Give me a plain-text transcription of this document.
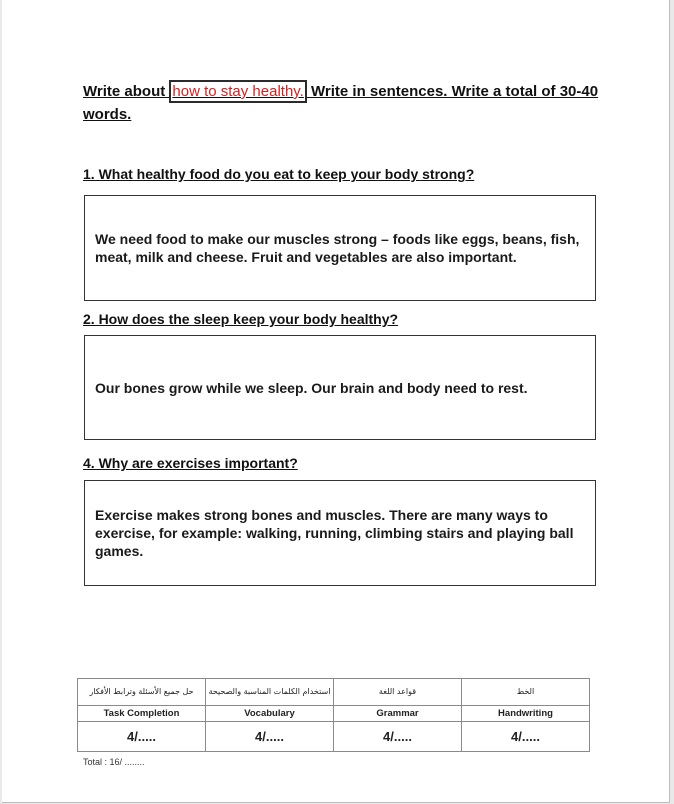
Write about how to stay healthy. Write in sentences. Write a total of 30-40 words.
1. What healthy food do you eat to keep your body strong?
We need food to make our muscles strong – foods like eggs, beans, fish, meat, milk and cheese. Fruit and vegetables are also important.
2. How does the sleep keep your body healthy?
Our bones grow while we sleep. Our brain and body need to rest.
4. Why are exercises important?
Exercise makes strong bones and muscles. There are many ways to exercise, for example: walking, running, climbing stairs and playing ball games.
حل جميع الأسئلة وترابط الأفكار	استخدام الكلمات المناسبة والصحيحة	قواعد اللغة	الخط
Task Completion	Vocabulary	Grammar	Handwriting
4/.....	4/.....	4/.....	4/.....
Total : 16/ ........
